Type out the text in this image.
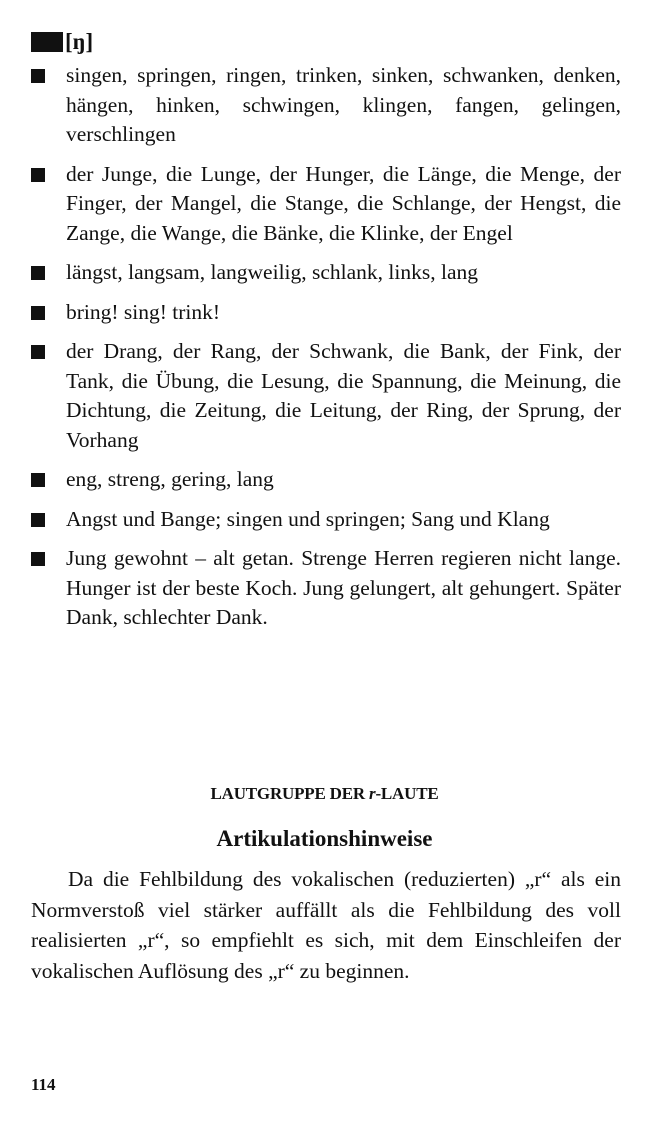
[ŋ]
singen, springen, ringen, trinken, sinken, schwanken, denken, hängen, hinken, schwingen, klingen, fangen, gelingen, verschlingen
der Junge, die Lunge, der Hunger, die Länge, die Menge, der Finger, der Mangel, die Stange, die Schlange, der Hengst, die Zange, die Wange, die Bänke, die Klinke, der Engel
längst, langsam, langweilig, schlank, links, lang
bring! sing! trink!
der Drang, der Rang, der Schwank, die Bank, der Fink, der Tank, die Übung, die Lesung, die Spannung, die Meinung, die Dichtung, die Zeitung, die Leitung, der Ring, der Sprung, der Vorhang
eng, streng, gering, lang
Angst und Bange; singen und springen; Sang und Klang
Jung gewohnt – alt getan. Strenge Herren regieren nicht lange. Hunger ist der beste Koch. Jung gelungert, alt gehungert. Später Dank, schlechter Dank.
LAUTGRUPPE DER r-LAUTE
Artikulationshinweise

Da die Fehlbildung des vokalischen (reduzierten) „r“ als ein Normverstoß viel stärker auffällt als die Fehlbildung des voll realisierten „r“, so empfiehlt es sich, mit dem Einschleifen der vokalischen Auflösung des „r“ zu beginnen.

114
